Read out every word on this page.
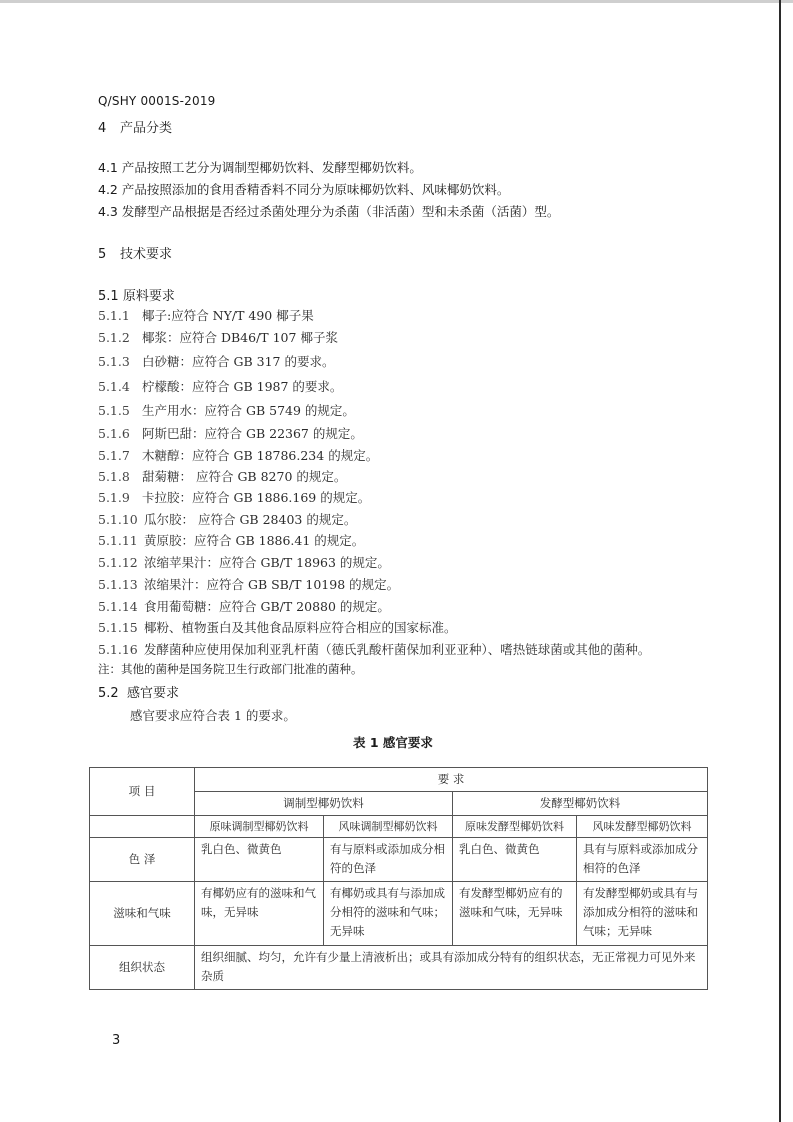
Q/SHY 0001S-2019
4 产品分类
4.1 产品按照工艺分为调制型椰奶饮料、发酵型椰奶饮料。
4.2 产品按照添加的食用香精香料不同分为原味椰奶饮料、风味椰奶饮料。
4.3 发酵型产品根据是否经过杀菌处理分为杀菌（非活菌）型和未杀菌（活菌）型。
5 技术要求
5.1 原料要求
5.1.1 椰子:应符合 NY/T 490 椰子果
5.1.2 椰浆：应符合 DB46/T 107 椰子浆
5.1.3 白砂糖：应符合 GB 317 的要求。
5.1.4 柠檬酸：应符合 GB 1987 的要求。
5.1.5 生产用水：应符合 GB 5749 的规定。
5.1.6 阿斯巴甜：应符合 GB 22367 的规定。
5.1.7 木糖醇：应符合 GB 18786.234 的规定。
5.1.8 甜菊糖： 应符合 GB 8270 的规定。
5.1.9 卡拉胶：应符合 GB 1886.169 的规定。
5.1.10 瓜尔胶： 应符合 GB 28403 的规定。
5.1.11 黄原胶：应符合 GB 1886.41 的规定。
5.1.12 浓缩苹果汁：应符合 GB/T 18963 的规定。
5.1.13 浓缩果汁：应符合 GB SB/T 10198 的规定。
5.1.14 食用葡萄糖：应符合 GB/T 20880 的规定。
5.1.15 椰粉、植物蛋白及其他食品原料应符合相应的国家标准。
5.1.16 发酵菌种应使用保加利亚乳杆菌（德氏乳酸杆菌保加利亚亚种）、嗜热链球菌或其他的菌种。
注：其他的菌种是国务院卫生行政部门批准的菌种。
5.2 感官要求
感官要求应符合表 1 的要求。
表 1 感官要求
项 目	要 求			
	调制型椰奶饮料		发酵型椰奶饮料	
	原味调制型椰奶饮料	风味调制型椰奶饮料	原味发酵型椰奶饮料	风味发酵型椰奶饮料
色 泽	乳白色、微黄色	有与原料或添加成分相符的色泽	乳白色、微黄色	具有与原料或添加成分相符的色泽
滋味和气味	有椰奶应有的滋味和气味，无异味	有椰奶或具有与添加成分相符的滋味和气味；无异味	有发酵型椰奶应有的滋味和气味，无异味	有发酵型椰奶或具有与添加成分相符的滋味和气味；无异味
组织状态	组织细腻、均匀，允许有少量上清液析出；或具有添加成分特有的组织状态，无正常视力可见外来杂质			
3
